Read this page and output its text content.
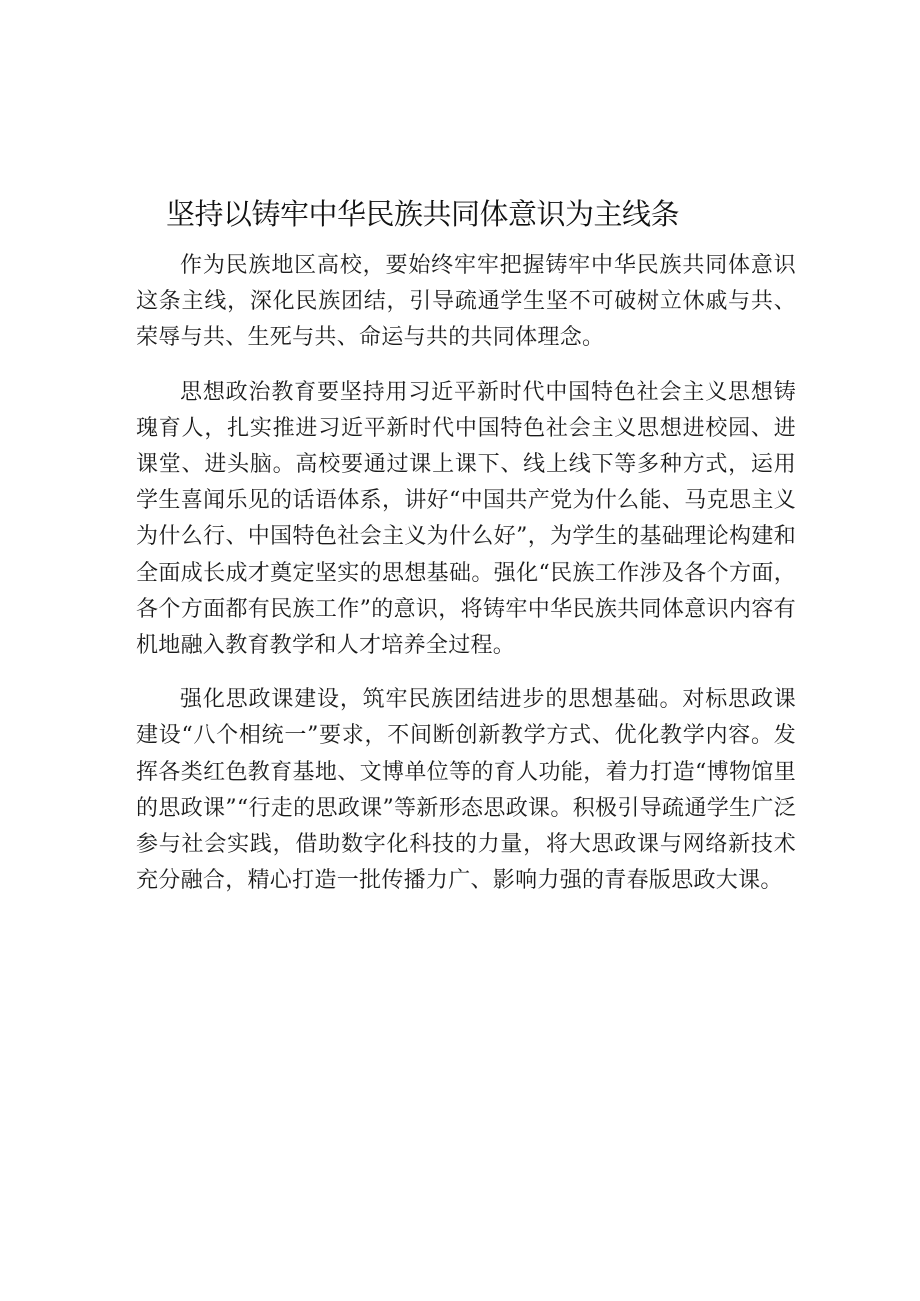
坚持以铸牢中华民族共同体意识为主线条

作为民族地区高校，要始终牢牢把握铸牢中华民族共同体意识这条主线，深化民族团结，引导疏通学生坚不可破树立休戚与共、荣辱与共、生死与共、命运与共的共同体理念。

思想政治教育要坚持用习近平新时代中国特色社会主义思想铸瑰育人，扎实推进习近平新时代中国特色社会主义思想进校园、进课堂、进头脑。高校要通过课上课下、线上线下等多种方式，运用学生喜闻乐见的话语体系，讲好“中国共产党为什么能、马克思主义为什么行、中国特色社会主义为什么好”，为学生的基础理论构建和全面成长成才奠定坚实的思想基础。强化“民族工作涉及各个方面，各个方面都有民族工作”的意识，将铸牢中华民族共同体意识内容有机地融入教育教学和人才培养全过程。

强化思政课建设，筑牢民族团结进步的思想基础。对标思政课建设“八个相统一”要求，不间断创新教学方式、优化教学内容。发挥各类红色教育基地、文博单位等的育人功能，着力打造“博物馆里的思政课”“行走的思政课”等新形态思政课。积极引导疏通学生广泛参与社会实践，借助数字化科技的力量，将大思政课与网络新技术充分融合，精心打造一批传播力广、影响力强的青春版思政大课。
